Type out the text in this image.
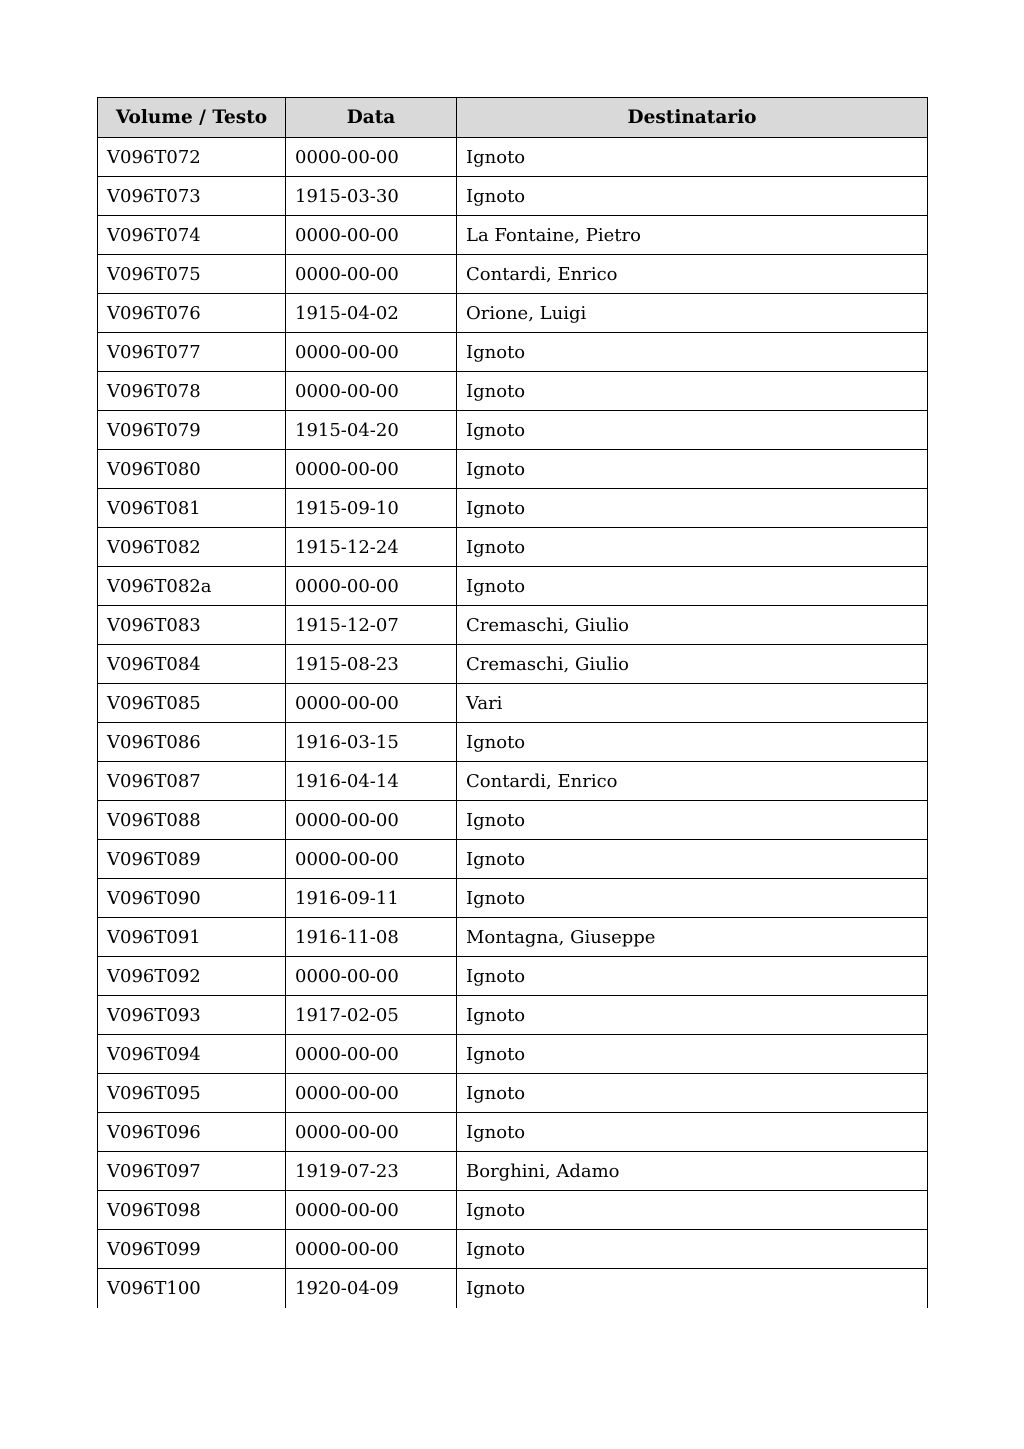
Volume / Testo	Data	Destinatario
V096T072	0000-00-00	Ignoto
V096T073	1915-03-30	Ignoto
V096T074	0000-00-00	La Fontaine, Pietro
V096T075	0000-00-00	Contardi, Enrico
V096T076	1915-04-02	Orione, Luigi
V096T077	0000-00-00	Ignoto
V096T078	0000-00-00	Ignoto
V096T079	1915-04-20	Ignoto
V096T080	0000-00-00	Ignoto
V096T081	1915-09-10	Ignoto
V096T082	1915-12-24	Ignoto
V096T082a	0000-00-00	Ignoto
V096T083	1915-12-07	Cremaschi, Giulio
V096T084	1915-08-23	Cremaschi, Giulio
V096T085	0000-00-00	Vari
V096T086	1916-03-15	Ignoto
V096T087	1916-04-14	Contardi, Enrico
V096T088	0000-00-00	Ignoto
V096T089	0000-00-00	Ignoto
V096T090	1916-09-11	Ignoto
V096T091	1916-11-08	Montagna, Giuseppe
V096T092	0000-00-00	Ignoto
V096T093	1917-02-05	Ignoto
V096T094	0000-00-00	Ignoto
V096T095	0000-00-00	Ignoto
V096T096	0000-00-00	Ignoto
V096T097	1919-07-23	Borghini, Adamo
V096T098	0000-00-00	Ignoto
V096T099	0000-00-00	Ignoto
V096T100	1920-04-09	Ignoto
